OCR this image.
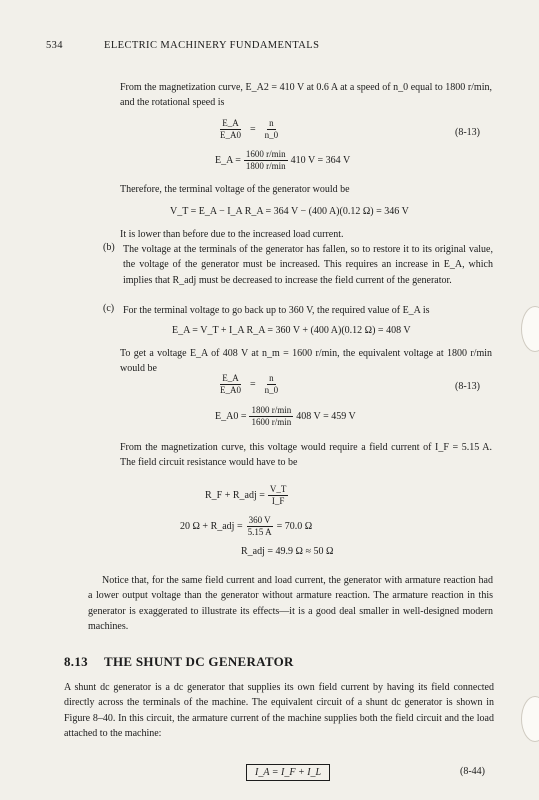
534	ELECTRIC MACHINERY FUNDAMENTALS
From the magnetization curve, E_A2 = 410 V at 0.6 A at a speed of n_0 equal to 1800 r/min, and the rotational speed is
$\frac{E\_A}{E\_A0} = \frac{n}{n\_0}$	(8-13)
E_A = $\frac{1600 r/\min}{1800 r/\min} 410$ V = 364 V
Therefore, the terminal voltage of the generator would be
V_T = E_A − I_A R_A = 364 V − (400 A)(0.12 Ω) = 346 V
It is lower than before due to the increased load current.
(b) The voltage at the terminals of the generator has fallen, so to restore it to its original value, the voltage of the generator must be increased. This requires an increase in E_A, which implies that R_adj must be decreased to increase the field current of the generator.
(c) For the terminal voltage to go back up to 360 V, the required value of E_A is
E_A = V_T + I_A R_A = 360 V + (400 A)(0.12 Ω) = 408 V
To get a voltage E_A of 408 V at n_m = 1600 r/min, the equivalent voltage at 1800 r/min would be
$\frac{E\_A}{E\_A0} = \frac{n}{n\_0}$	(8-13)
E_A0 = $\frac{1800 r/\min}{1600 r/\min} 408$ V = 459 V
From the magnetization curve, this voltage would require a field current of I_F = 5.15 A. The field circuit resistance would have to be
R_F + R_adj = $\frac{V\_T}{I\_F}$
20 Ω + R_adj = $\frac{360 V}{5.15 A} = 70.0$ Ω
R_adj = 49.9 Ω ≈ 50 Ω
Notice that, for the same field current and load current, the generator with armature reaction had a lower output voltage than the generator without armature reaction. The armature reaction in this generator is exaggerated to illustrate its effects—it is a good deal smaller in well-designed modern machines.
8.13 THE SHUNT DC GENERATOR
A shunt dc generator is a dc generator that supplies its own field current by having its field connected directly across the terminals of the machine. The equivalent circuit of a shunt dc generator is shown in Figure 8–40. In this circuit, the armature current of the machine supplies both the field circuit and the load attached to the machine:
I_A = I_F + I_L	(8-44)
